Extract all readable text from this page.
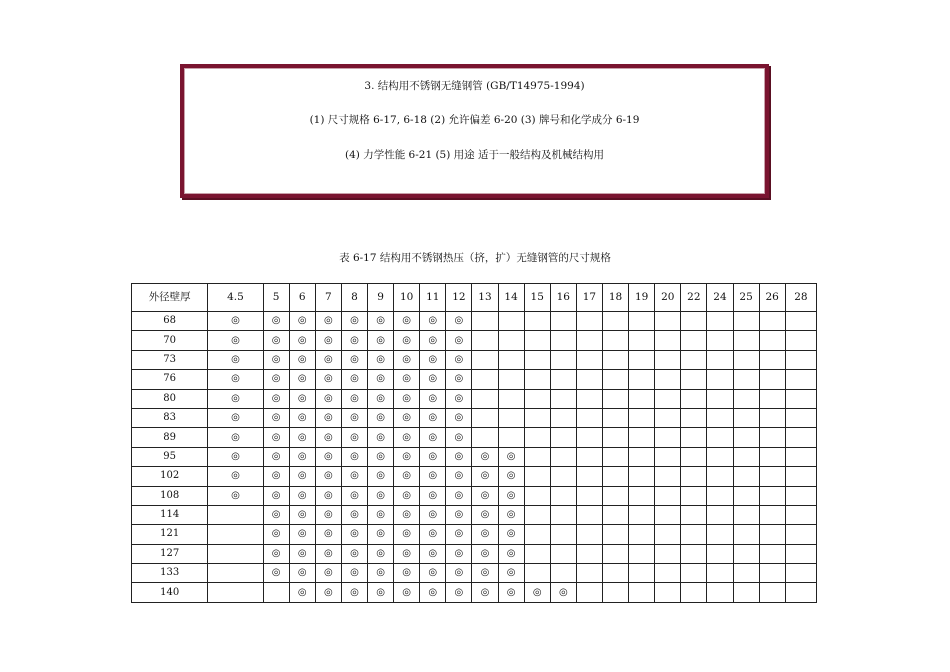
3. 结构用不锈钢无缝钢管 (GB/T14975-1994)
(1) 尺寸规格 6-17, 6-18 (2) 允许偏差 6-20 (3) 牌号和化学成分 6-19
(4) 力学性能 6-21 (5) 用途 适于一般结构及机械结构用
表 6-17 结构用不锈钢热压（挤，扩）无缝钢管的尺寸规格
外径壁厚	4.5	5	6	7	8	9	10	11	12	13	14	15	16	17	18	19	20	22	24	25	26	28
68	◎	◎	◎	◎	◎	◎	◎	◎	◎													
70	◎	◎	◎	◎	◎	◎	◎	◎	◎													
73	◎	◎	◎	◎	◎	◎	◎	◎	◎													
76	◎	◎	◎	◎	◎	◎	◎	◎	◎													
80	◎	◎	◎	◎	◎	◎	◎	◎	◎													
83	◎	◎	◎	◎	◎	◎	◎	◎	◎													
89	◎	◎	◎	◎	◎	◎	◎	◎	◎													
95	◎	◎	◎	◎	◎	◎	◎	◎	◎	◎	◎											
102	◎	◎	◎	◎	◎	◎	◎	◎	◎	◎	◎											
108	◎	◎	◎	◎	◎	◎	◎	◎	◎	◎	◎											
114		◎	◎	◎	◎	◎	◎	◎	◎	◎	◎											
121		◎	◎	◎	◎	◎	◎	◎	◎	◎	◎											
127		◎	◎	◎	◎	◎	◎	◎	◎	◎	◎											
133		◎	◎	◎	◎	◎	◎	◎	◎	◎	◎											
140			◎	◎	◎	◎	◎	◎	◎	◎	◎	◎	◎									
